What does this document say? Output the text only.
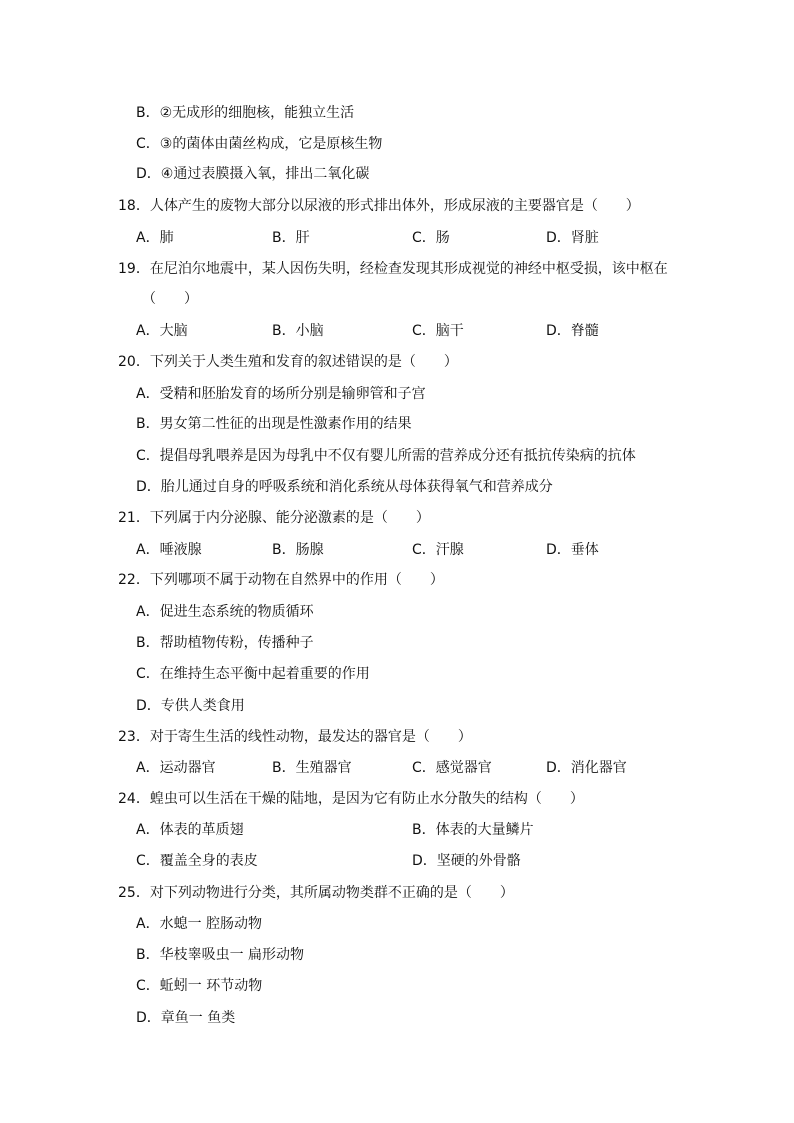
B．②无成形的细胞核，能独立生活
C．③的菌体由菌丝构成，它是原核生物
D．④通过表膜摄入氧，排出二氧化碳
18．人体产生的废物大部分以尿液的形式排出体外，形成尿液的主要器官是（　　）
A．肺	B．肝	C．肠	D．肾脏
19．在尼泊尔地震中，某人因伤失明，经检查发现其形成视觉的神经中枢受损，该中枢在
（　　）
A．大脑	B．小脑	C．脑干	D．脊髓
20．下列关于人类生殖和发育的叙述错误的是（　　）
A．受精和胚胎发育的场所分别是输卵管和子宫
B．男女第二性征的出现是性激素作用的结果
C．提倡母乳喂养是因为母乳中不仅有婴儿所需的营养成分还有抵抗传染病的抗体
D．胎儿通过自身的呼吸系统和消化系统从母体获得氧气和营养成分
21．下列属于内分泌腺、能分泌激素的是（　　）
A．唾液腺	B．肠腺	C．汗腺	D．垂体
22．下列哪项不属于动物在自然界中的作用（　　）
A．促进生态系统的物质循环
B．帮助植物传粉，传播种子
C．在维持生态平衡中起着重要的作用
D．专供人类食用
23．对于寄生生活的线性动物，最发达的器官是（　　）
A．运动器官	B．生殖器官	C．感觉器官	D．消化器官
24．蝗虫可以生活在干燥的陆地，是因为它有防止水分散失的结构（　　）
A．体表的革质翅	B．体表的大量鳞片
C．覆盖全身的表皮	D．坚硬的外骨骼
25．对下列动物进行分类，其所属动物类群不正确的是（　　）
A．水螅一 腔肠动物
B．华枝睾吸虫一 扁形动物
C．蚯蚓一 环节动物
D．章鱼一 鱼类
